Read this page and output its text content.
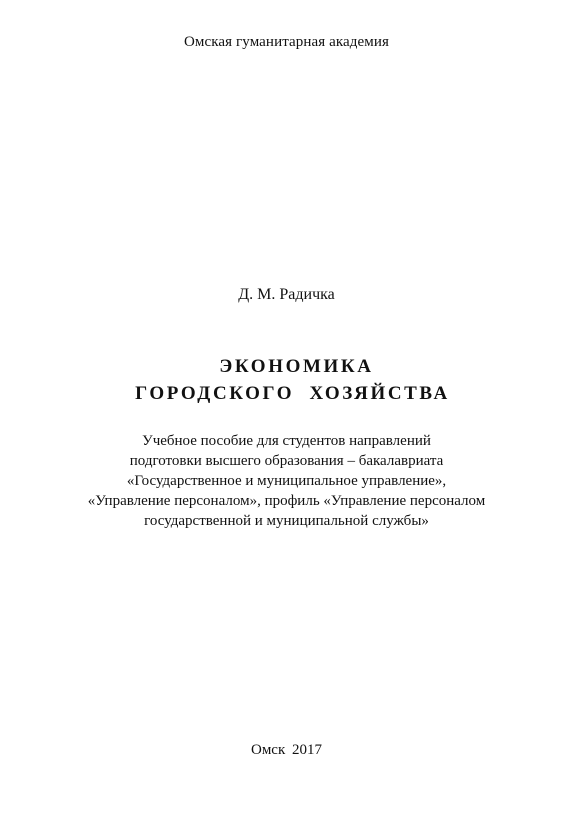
Омская гуманитарная академия
Д. М. Радичка
ЭКОНОМИКА
ГОРОДСКОГО ХОЗЯЙСТВА
Учебное пособие для студентов направлений
подготовки высшего образования – бакалавриата
«Государственное и муниципальное управление»,
«Управление персоналом», профиль «Управление персоналом
государственной и муниципальной службы»
Омск 2017
